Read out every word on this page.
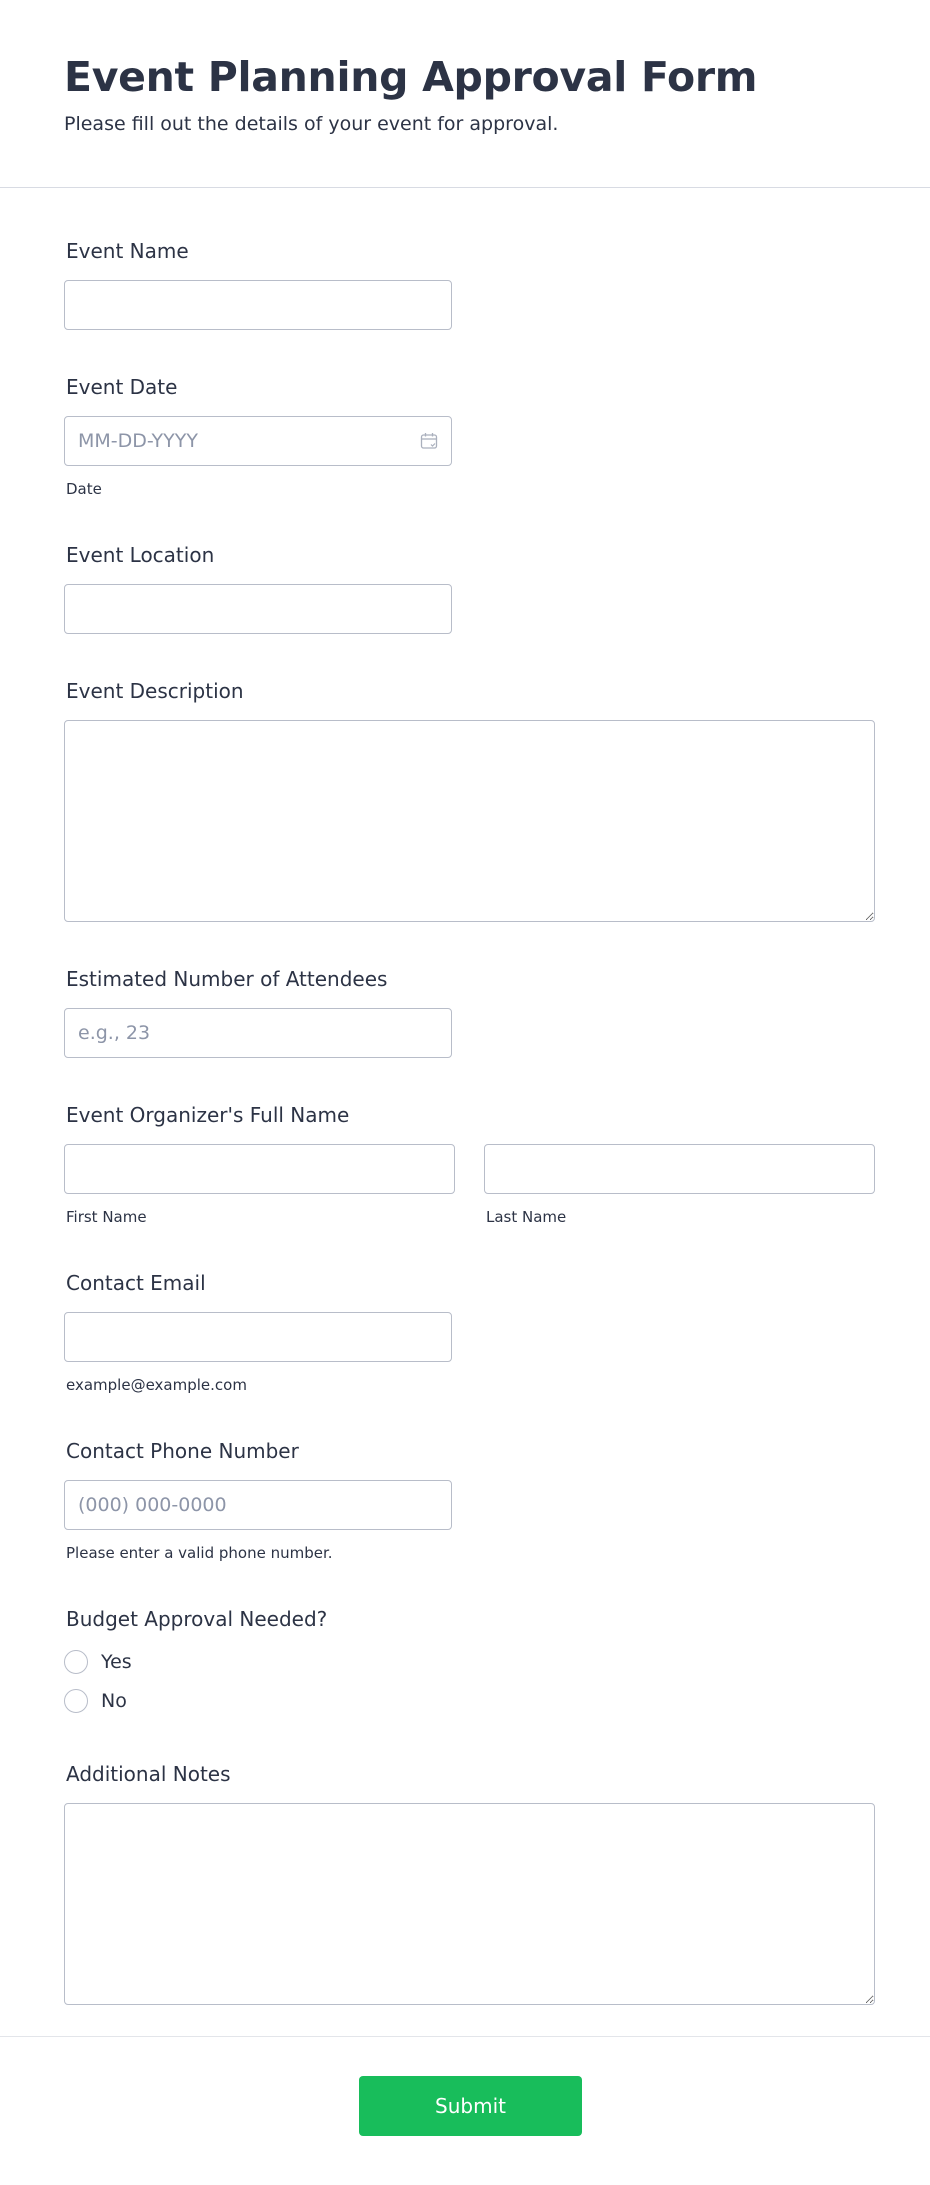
Event Planning Approval Form
Please fill out the details of your event for approval.
Event Name
Event Date
MM-DD-YYYY
Date
Event Location
Event Description
Estimated Number of Attendees
e.g., 23
Event Organizer's Full Name
First Name	Last Name
Contact Email
example@example.com
Contact Phone Number
(000) 000-0000
Please enter a valid phone number.
Budget Approval Needed?
Yes
No
Additional Notes
Submit
